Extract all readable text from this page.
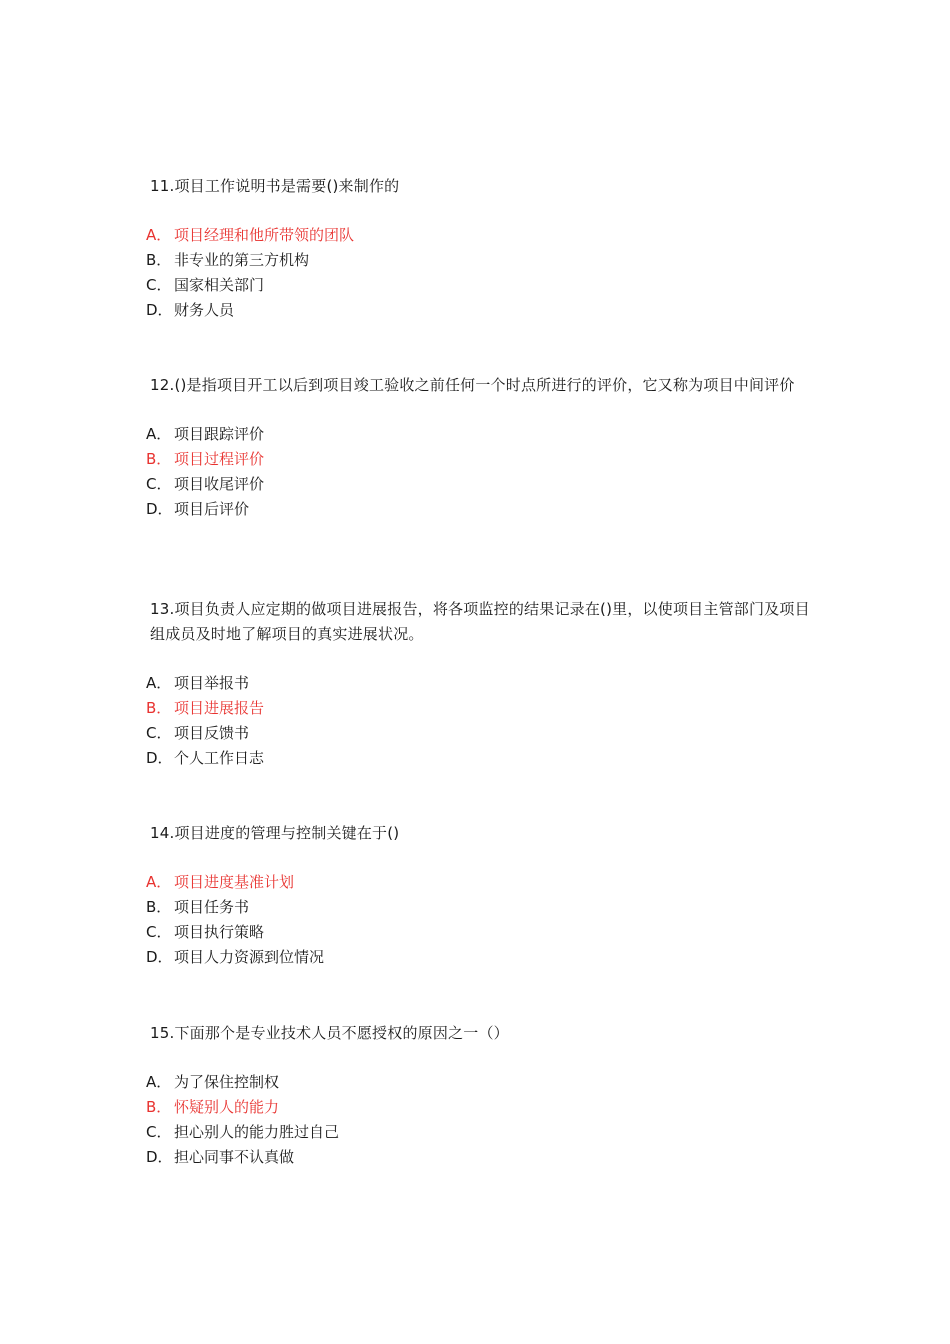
11.项目工作说明书是需要()来制作的

A． 项目经理和他所带领的团队
B． 非专业的第三方机构
C． 国家相关部门
D． 财务人员

12.()是指项目开工以后到项目竣工验收之前任何一个时点所进行的评价，它又称为项目中间评价

A． 项目跟踪评价
B． 项目过程评价
C． 项目收尾评价
D． 项目后评价

13.项目负责人应定期的做项目进展报告，将各项监控的结果记录在()里，以使项目主管部门及项目组成员及时地了解项目的真实进展状况。

A． 项目举报书
B． 项目进展报告
C． 项目反馈书
D． 个人工作日志

14.项目进度的管理与控制关键在于()

A． 项目进度基准计划
B． 项目任务书
C． 项目执行策略
D． 项目人力资源到位情况

15.下面那个是专业技术人员不愿授权的原因之一（）

A． 为了保住控制权
B． 怀疑别人的能力
C． 担心别人的能力胜过自己
D． 担心同事不认真做
